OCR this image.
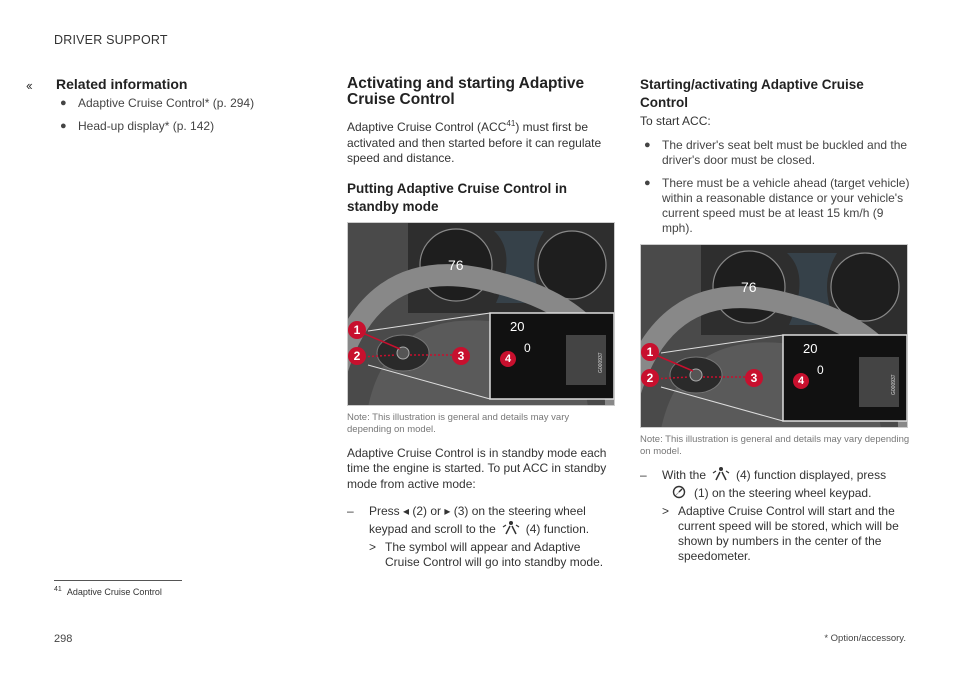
DRIVER SUPPORT
‹‹ Related information
● Adaptive Cruise Control* (p. 294)
● Head-up display* (p. 142)
Activating and starting Adaptive Cruise Control

Adaptive Cruise Control (ACC$^{41}$) must first be activated and then started before it can regulate speed and distance.

Putting Adaptive Cruise Control in standby mode
76
20
0
G000937
1
2	3	4
Note: This illustration is general and details may vary depending on model.

Adaptive Cruise Control is in standby mode each time the engine is started. To put ACC in standby mode from active mode:

– Press ◂ (2) or ▸ (3) on the steering wheel
keypad and scroll to the	(4) function.
> The symbol will appear and Adaptive Cruise Control will go into standby mode.
Starting/activating Adaptive Cruise Control

To start ACC:

● The driver's seat belt must be buckled and the driver's door must be closed.
● There must be a vehicle ahead (target vehicle) within a reasonable distance or your vehicle's current speed must be at least 15 km/h (9 mph).
76
20
0
G000937
1
2	3	4
Note: This illustration is general and details may vary depending on model.
– With the	(4) function displayed, press
(1) on the steering wheel keypad.
> Adaptive Cruise Control will start and the current speed will be stored, which will be shown by numbers in the center of the speedometer.
$^{41}$ Adaptive Cruise Control
298	* Option/accessory.
